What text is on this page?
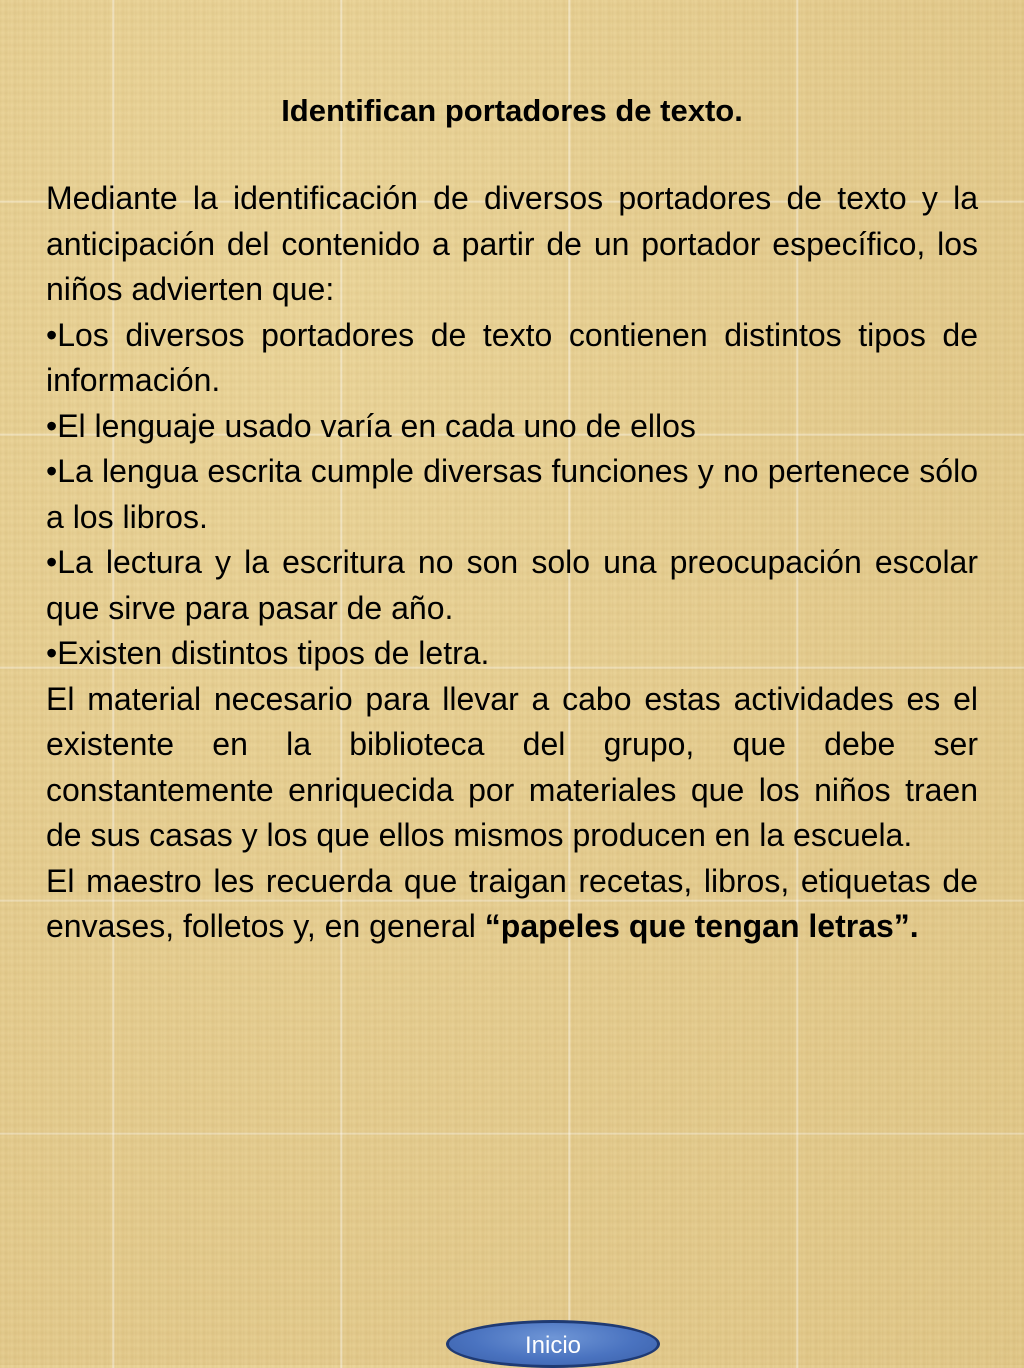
Identifican portadores de texto.

Mediante la identificación de diversos portadores de texto y la anticipación del contenido a partir de un portador específico, los niños advierten que:

•Los diversos portadores de texto contienen distintos tipos de información.

•El lenguaje usado varía en cada uno de ellos

•La lengua escrita cumple diversas funciones y no pertenece sólo a los libros.

•La lectura y la escritura no son solo una preocupación escolar que sirve para pasar de año.

•Existen distintos tipos de letra.

El material necesario para llevar a cabo estas actividades es el existente en la biblioteca del grupo, que debe ser constantemente enriquecida por materiales que los niños traen de sus casas y los que ellos mismos producen en la escuela.

El maestro les recuerda que traigan recetas, libros, etiquetas de envases, folletos y, en general “papeles que tengan letras”.

Inicio
